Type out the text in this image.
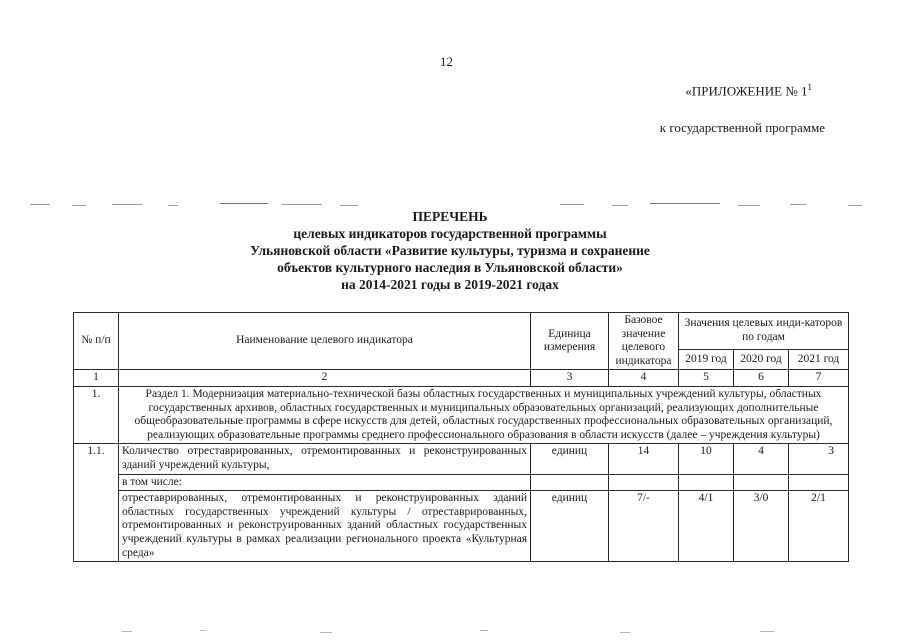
12
«ПРИЛОЖЕНИЕ № $1^1$
к государственной программе
ПЕРЕЧЕНЬ
целевых индикаторов государственной программы
Ульяновской области «Развитие культуры, туризма и сохранение
объектов культурного наследия в Ульяновской области»
на 2014-2021 годы в 2019-2021 годах
№ п/п	Наименование целевого индикатора	Единица измерения	Базовое значение целевого индикатора	Значения целевых инди-каторов по годам		
				2019 год	2020 год	2021 год
1	2	3	4	5	6	7
1.	Раздел 1. Модернизация материально-технической базы областных государственных и муниципальных учреждений культуры, областных государственных архивов, областных государственных и муниципальных образовательных организаций, реализующих дополнительные общеобразовательные программы в сфере искусств для детей, областных государственных профессиональных образовательных организаций, реализующих образовательные программы среднего профессионального образования в области искусств (далее – учреждения культуры)					
1.1.	Количество отреставрированных, отремонтированных и реконструированных зданий учреждений культуры,	единиц	14	10	4	3
	в том числе:					
	отреставрированных, отремонтированных и реконструированных зданий областных государственных учреждений культуры / отреставрированных, отремонтированных и реконструированных зданий областных государственных учреждений культуры в рамках реализации регионального проекта «Культурная среда»	единиц	7/-	4/1	3/0	2/1
